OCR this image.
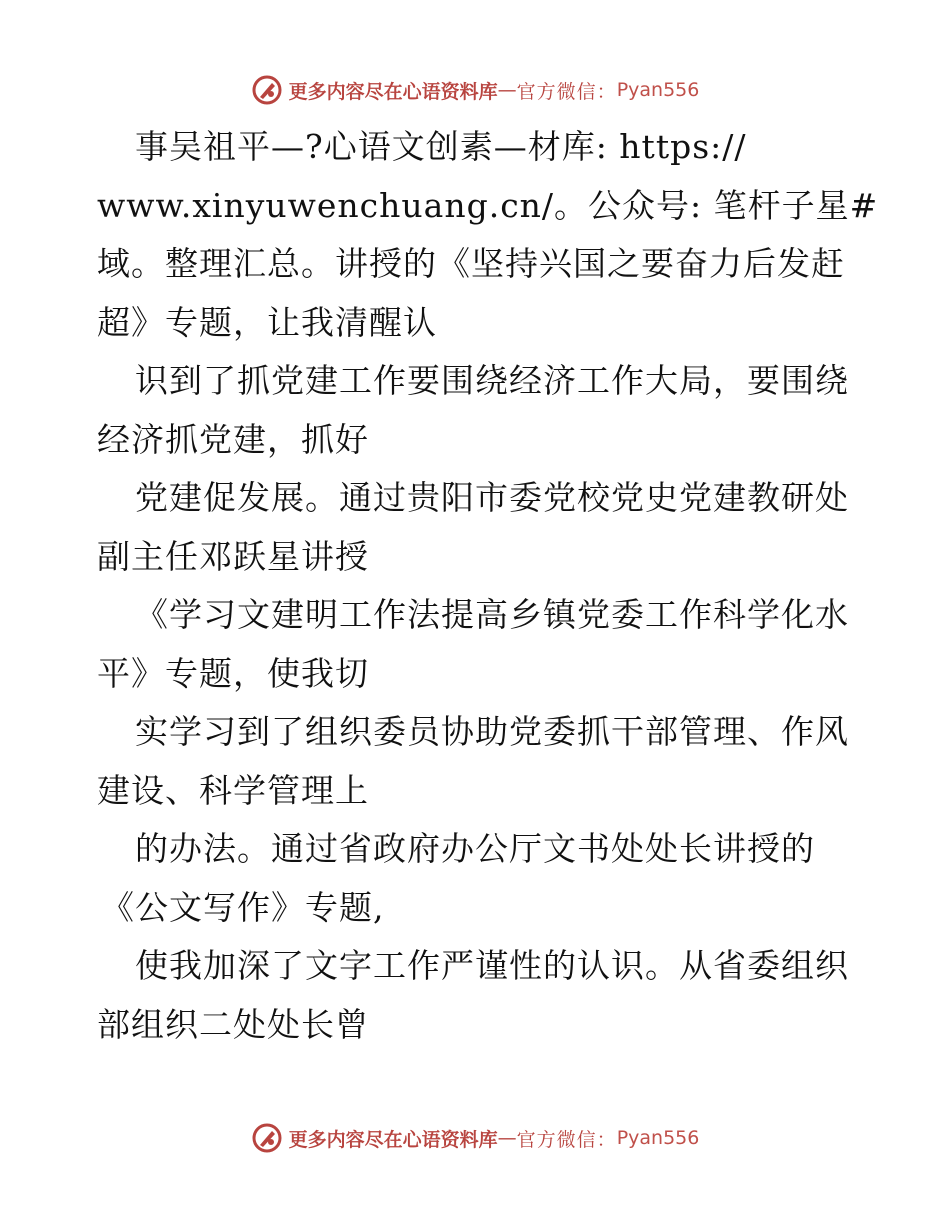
更多内容尽在心语资料库 — 官方微信： Pyan556
事吴祖平—?心语文创素—材库: https://
www.xinyuwenchuang.cn/。公众号: 笔杆子星#
域。整理汇总。讲授的《坚持兴国之要奋力后发赶
超》专题，让我清醒认
识到了抓党建工作要围绕经济工作大局，要围绕
经济抓党建，抓好
党建促发展。通过贵阳市委党校党史党建教研处
副主任邓跃星讲授
《学习文建明工作法提高乡镇党委工作科学化水
平》专题，使我切
实学习到了组织委员协助党委抓干部管理、作风
建设、科学管理上
的办法。通过省政府办公厅文书处处长讲授的
《公文写作》专题,
使我加深了文字工作严谨性的认识。从省委组织
部组织二处处长曾
更多内容尽在心语资料库 — 官方微信： Pyan556
